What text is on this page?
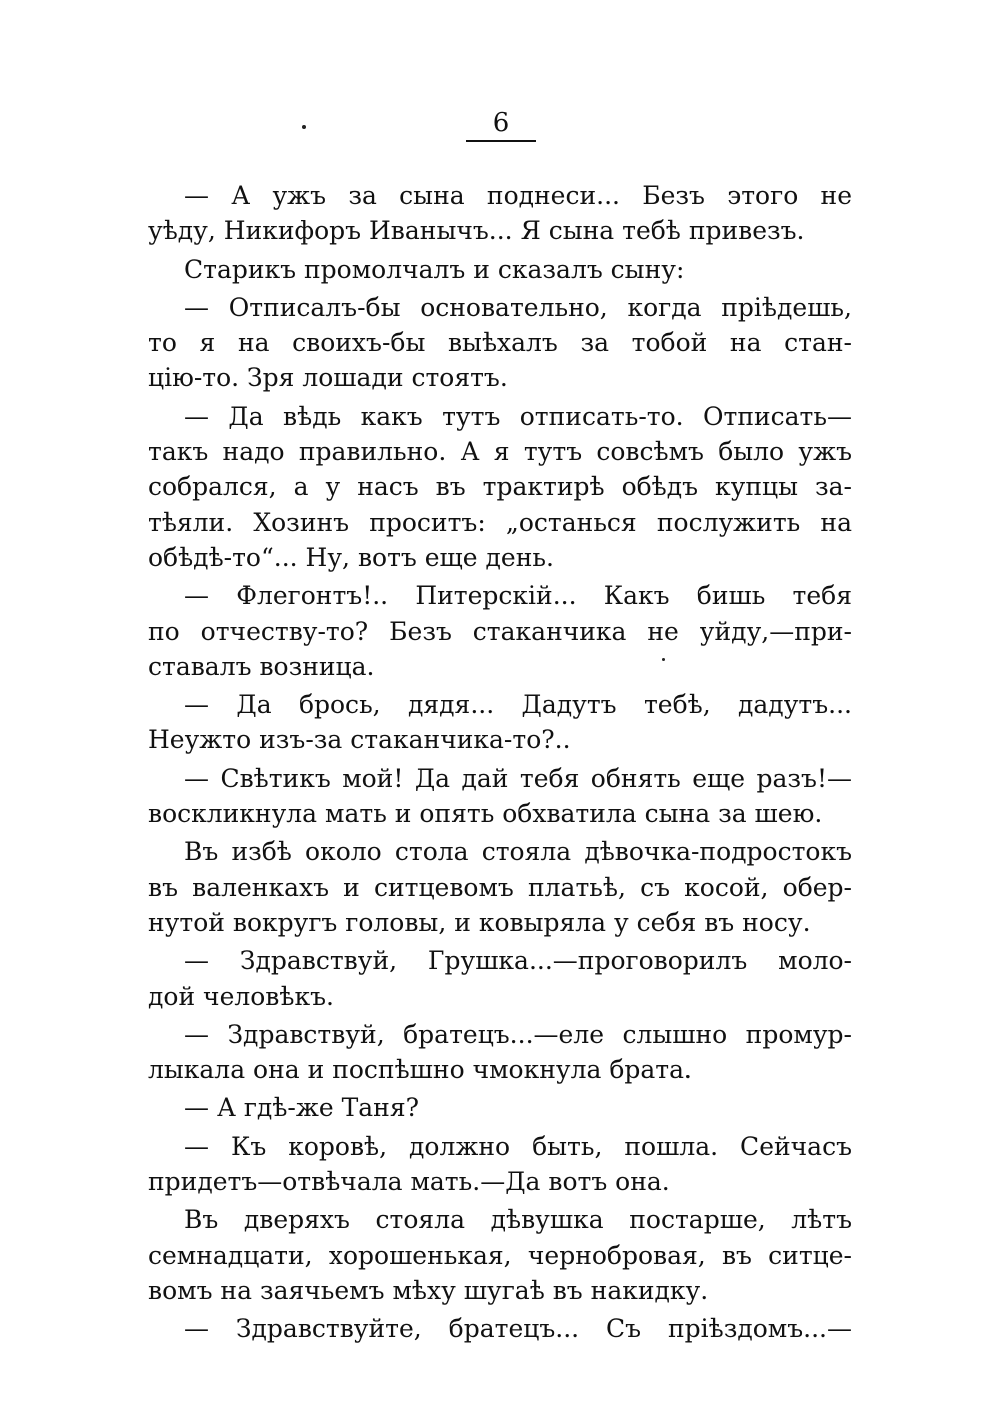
6
— А ужъ за сына поднеси... Безъ этого не
уѣду, Никифоръ Иванычъ... Я сына тебѣ привезъ.
Старикъ промолчалъ и сказалъ сыну:
— Отписалъ-бы основательно, когда пріѣдешь,
то я на своихъ-бы выѣхалъ за тобой на стан-
цію-то. Зря лошади стоятъ.
— Да вѣдь какъ тутъ отписать-то. Отписать—
такъ надо правильно. А я тутъ совсѣмъ было ужъ
собрался, а у насъ въ трактирѣ обѣдъ купцы за-
тѣяли. Хозинъ проситъ: „останься послужить на
обѣдѣ-то“... Ну, вотъ еще день.
— Флегонтъ!.. Питерскій... Какъ бишь тебя
по отчеству-то? Безъ стаканчика не уйду,—при-
ставалъ возница.
— Да брось, дядя... Дадутъ тебѣ, дадутъ...
Неужто изъ-за стаканчика-то?..
— Свѣтикъ мой! Да дай тебя обнять еще разъ!—
воскликнула мать и опять обхватила сына за шею.
Въ избѣ около стола стояла дѣвочка-подростокъ
въ валенкахъ и ситцевомъ платьѣ, съ косой, обер-
нутой вокругъ головы, и ковыряла у себя въ носу.
— Здравствуй, Грушка...—проговорилъ моло-
дой человѣкъ.
— Здравствуй, братецъ...—еле слышно промур-
лыкала она и поспѣшно чмокнула брата.
— А гдѣ-же Таня?
— Къ коровѣ, должно быть, пошла. Сейчасъ
придетъ—отвѣчала мать.—Да вотъ она.
Въ дверяхъ стояла дѣвушка постарше, лѣтъ
семнадцати, хорошенькая, чернобровая, въ ситце-
вомъ на заячьемъ мѣху шугаѣ въ накидку.
— Здравствуйте, братецъ... Съ пріѣздомъ...—
